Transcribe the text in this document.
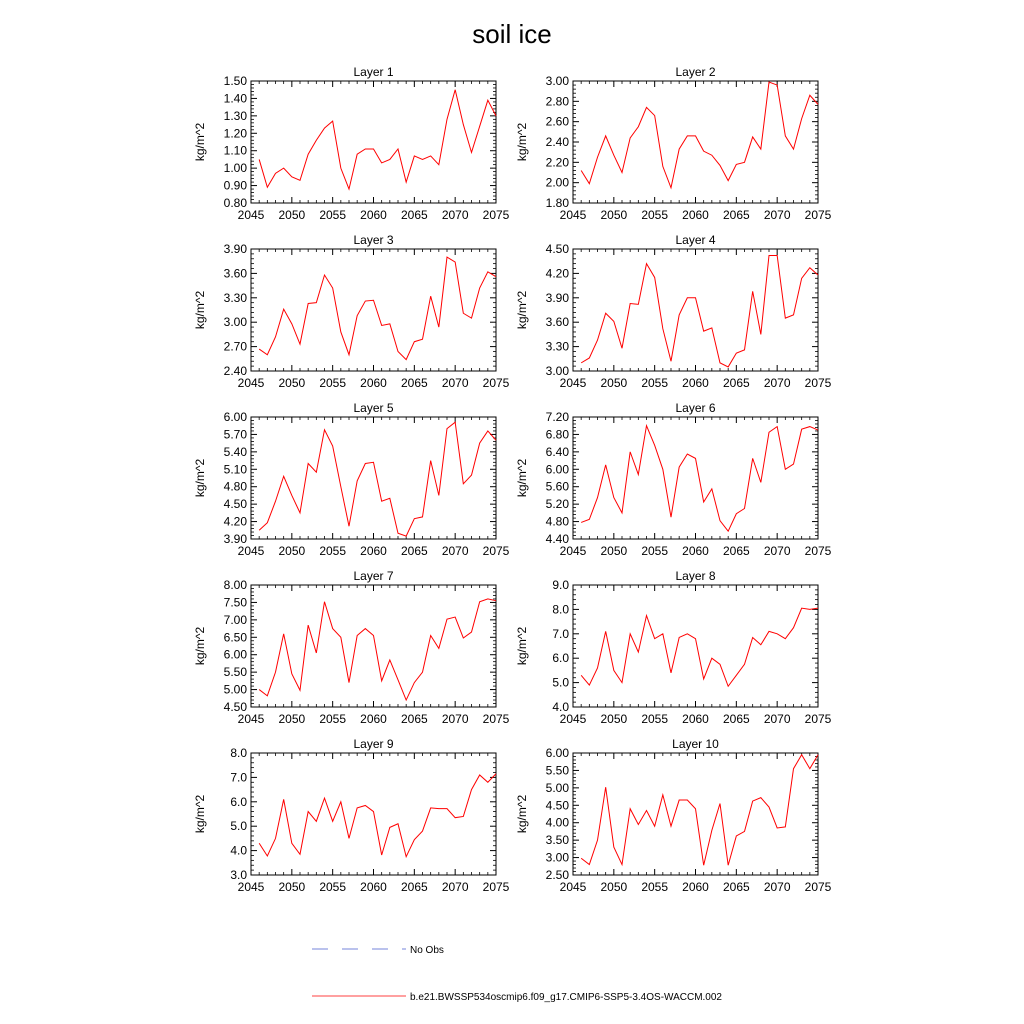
soil ice
Layer 1
2045 2050 2055 2060 2065 2070 2075
0.80
0.90
1.00
1.10
1.20
1.30
1.40
1.50
kg/m^2
Layer 2
2045 2050 2055 2060 2065 2070 2075
1.80
2.00
2.20
2.40
2.60
2.80
3.00
kg/m^2
Layer 3
2045 2050 2055 2060 2065 2070 2075
2.40
2.70
3.00
3.30
3.60
3.90
kg/m^2
Layer 4
2045 2050 2055 2060 2065 2070 2075
3.00
3.30
3.60
3.90
4.20
4.50
kg/m^2
Layer 5
2045 2050 2055 2060 2065 2070 2075
3.90
4.20
4.50
4.80
5.10
5.40
5.70
6.00
kg/m^2
Layer 6
2045 2050 2055 2060 2065 2070 2075
4.40
4.80
5.20
5.60
6.00
6.40
6.80
7.20
kg/m^2
Layer 7
2045 2050 2055 2060 2065 2070 2075
4.50
5.00
5.50
6.00
6.50
7.00
7.50
8.00
kg/m^2
Layer 8
2045 2050 2055 2060 2065 2070 2075
4.0
5.0
6.0
7.0
8.0
9.0
kg/m^2
Layer 9
2045 2050 2055 2060 2065 2070 2075
3.0
4.0
5.0
6.0
7.0
8.0
kg/m^2
Layer 10
2045 2050 2055 2060 2065 2070 2075
2.50
3.00
3.50
4.00
4.50
5.00
5.50
6.00
kg/m^2
No Obs
b.e21.BWSSP534oscmip6.f09_g17.CMIP6-SSP5-3.4OS-WACCM.002
